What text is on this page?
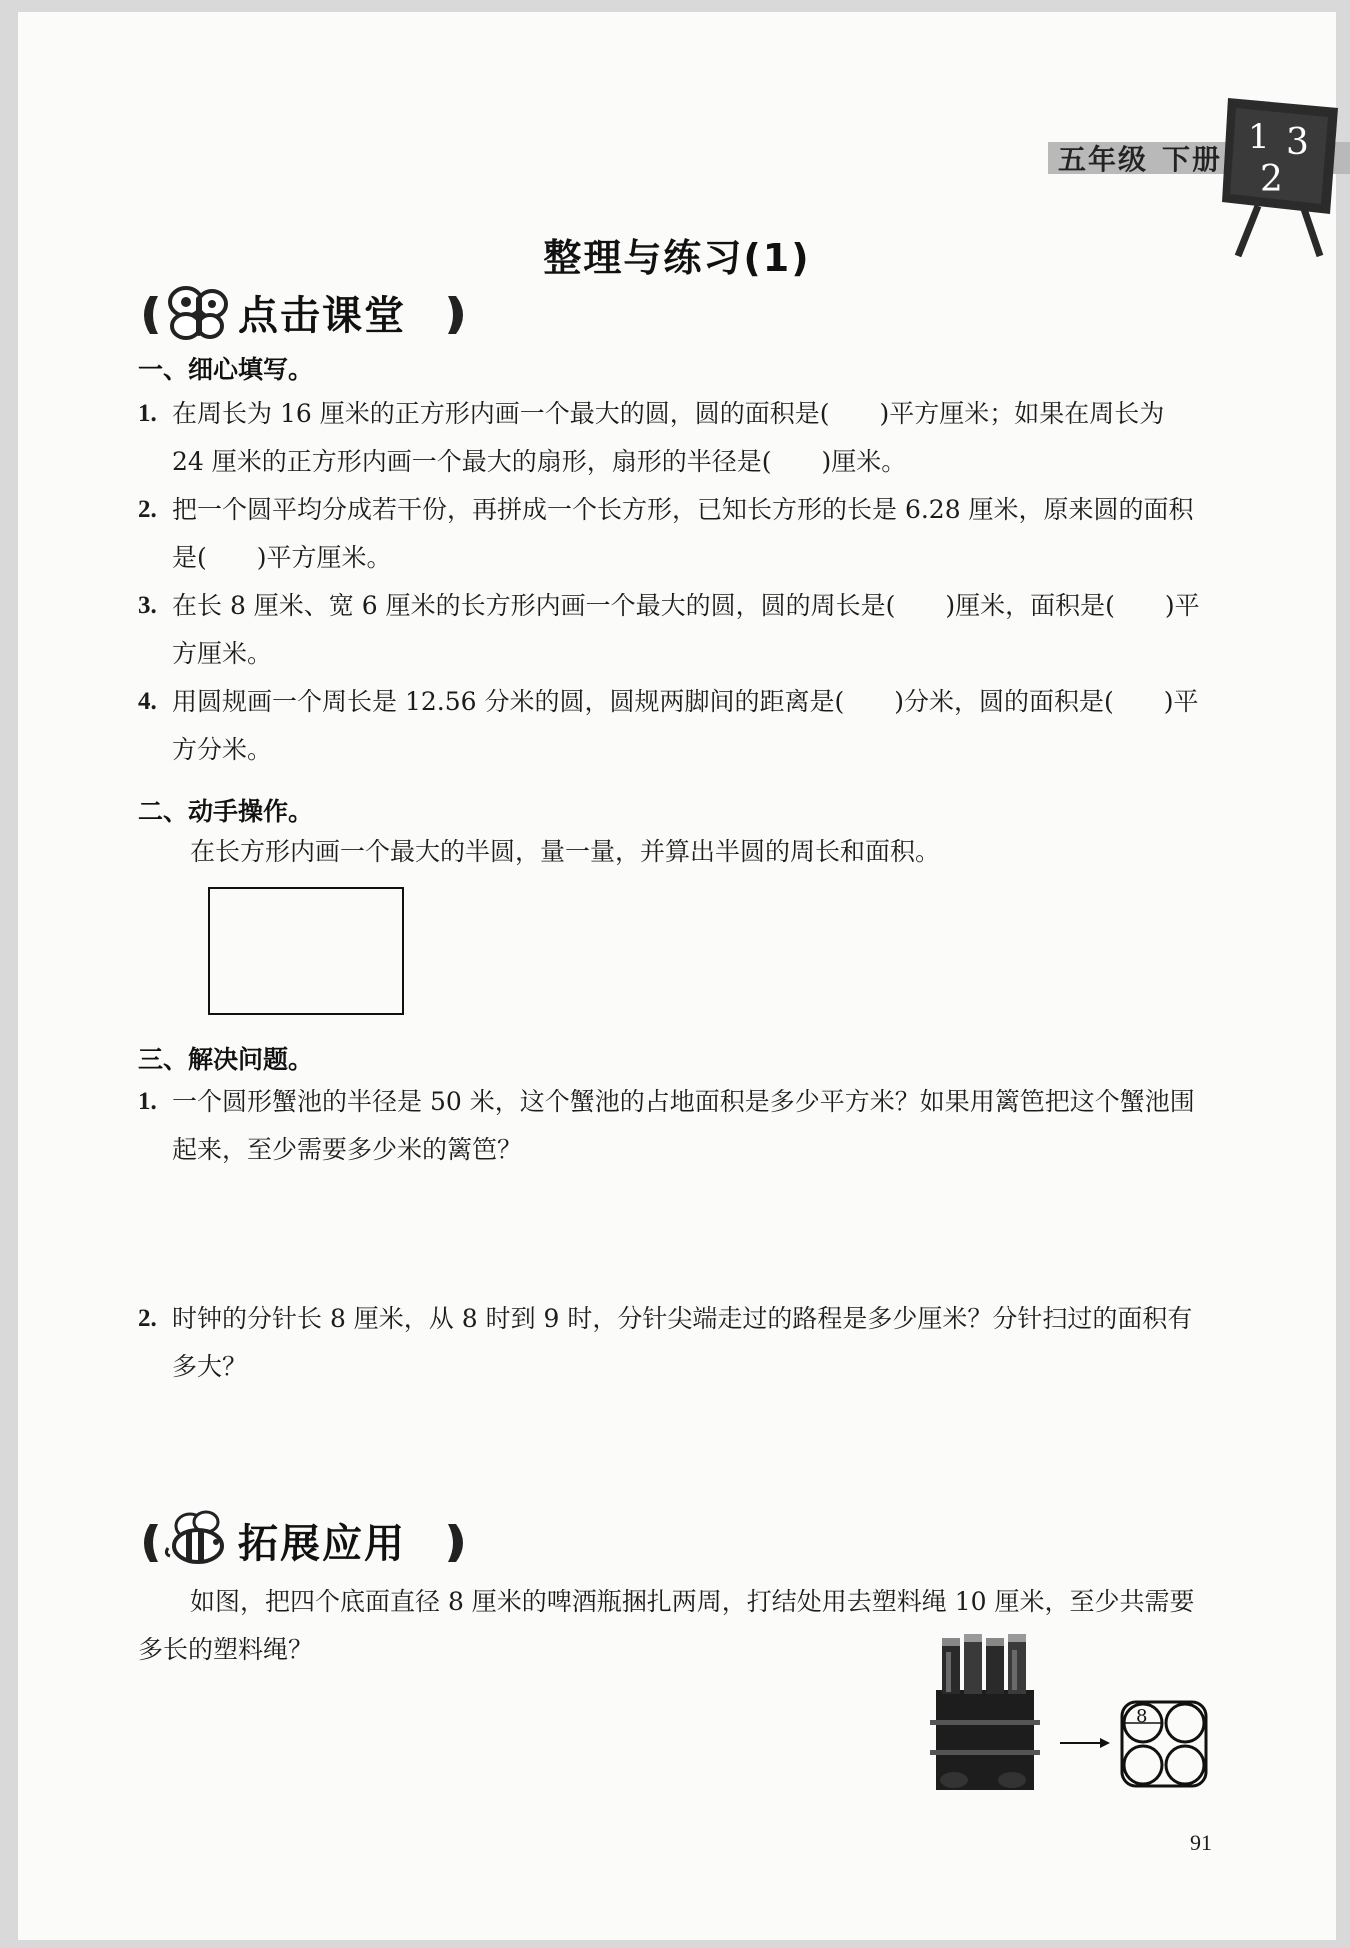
五年级 下册
1 3
2
整理与练习(1)
点击课堂
一、细心填写。
1. 在周长为 16 厘米的正方形内画一个最大的圆，圆的面积是(　　)平方厘米；如果在周长为 24 厘米的正方形内画一个最大的扇形，扇形的半径是(　　)厘米。
2. 把一个圆平均分成若干份，再拼成一个长方形，已知长方形的长是 6.28 厘米，原来圆的面积是(　　)平方厘米。
3. 在长 8 厘米、宽 6 厘米的长方形内画一个最大的圆，圆的周长是(　　)厘米，面积是(　　)平方厘米。
4. 用圆规画一个周长是 12.56 分米的圆，圆规两脚间的距离是(　　)分米，圆的面积是(　　)平方分米。
二、动手操作。
在长方形内画一个最大的半圆，量一量，并算出半圆的周长和面积。
三、解决问题。
1. 一个圆形蟹池的半径是 50 米，这个蟹池的占地面积是多少平方米？如果用篱笆把这个蟹池围起来，至少需要多少米的篱笆？
2. 时钟的分针长 8 厘米，从 8 时到 9 时，分针尖端走过的路程是多少厘米？分针扫过的面积有多大？
拓展应用
如图，把四个底面直径 8 厘米的啤酒瓶捆扎两周，打结处用去塑料绳 10 厘米，至少共需要多长的塑料绳？
8
91
